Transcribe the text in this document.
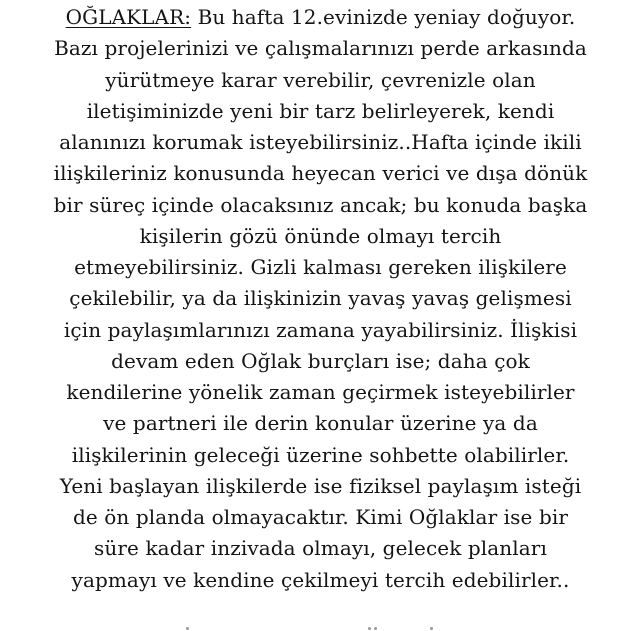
OĞLAKLAR: Bu hafta 12.evinizde yeniay doğuyor.
Bazı projelerinizi ve çalışmalarınızı perde arkasında
yürütmeye karar verebilir, çevrenizle olan
iletişiminizde yeni bir tarz belirleyerek, kendi
alanınızı korumak isteyebilirsiniz..Hafta içinde ikili
ilişkileriniz konusunda heyecan verici ve dışa dönük
bir süreç içinde olacaksınız ancak; bu konuda başka
kişilerin gözü önünde olmayı tercih
etmeyebilirsiniz. Gizli kalması gereken ilişkilere
çekilebilir, ya da ilişkinizin yavaş yavaş gelişmesi
için paylaşımlarınızı zamana yayabilirsiniz. İlişkisi
devam eden Oğlak burçları ise; daha çok
kendilerine yönelik zaman geçirmek isteyebilirler
ve partneri ile derin konular üzerine ya da
ilişkilerinin geleceği üzerine sohbette olabilirler.
Yeni başlayan ilişkilerde ise fiziksel paylaşım isteği
de ön planda olmayacaktır. Kimi Oğlaklar ise bir
süre kadar inzivada olmayı, gelecek planları
yapmayı ve kendine çekilmeyi tercih edebilirler..
